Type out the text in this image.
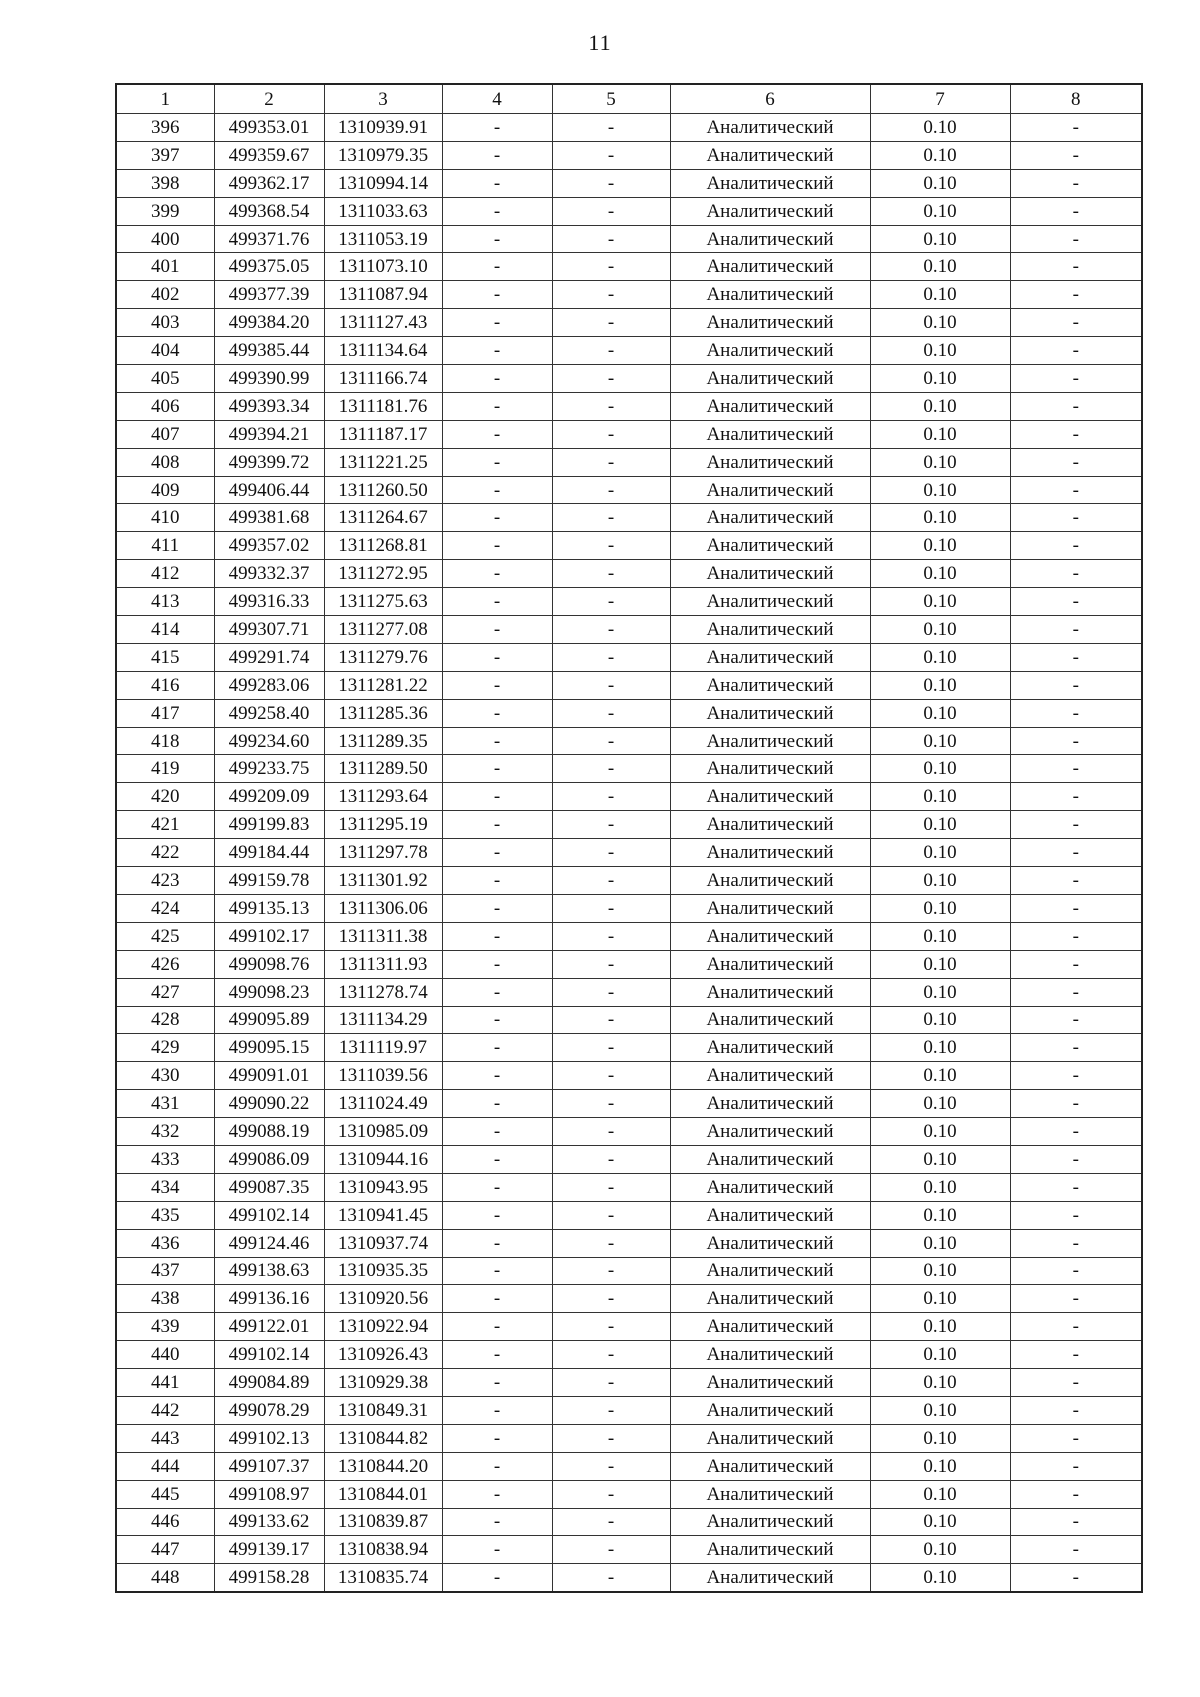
11
1	2	3	4	5	6	7	8
396	499353.01	1310939.91	-	-	Аналитический	0.10	-
397	499359.67	1310979.35	-	-	Аналитический	0.10	-
398	499362.17	1310994.14	-	-	Аналитический	0.10	-
399	499368.54	1311033.63	-	-	Аналитический	0.10	-
400	499371.76	1311053.19	-	-	Аналитический	0.10	-
401	499375.05	1311073.10	-	-	Аналитический	0.10	-
402	499377.39	1311087.94	-	-	Аналитический	0.10	-
403	499384.20	1311127.43	-	-	Аналитический	0.10	-
404	499385.44	1311134.64	-	-	Аналитический	0.10	-
405	499390.99	1311166.74	-	-	Аналитический	0.10	-
406	499393.34	1311181.76	-	-	Аналитический	0.10	-
407	499394.21	1311187.17	-	-	Аналитический	0.10	-
408	499399.72	1311221.25	-	-	Аналитический	0.10	-
409	499406.44	1311260.50	-	-	Аналитический	0.10	-
410	499381.68	1311264.67	-	-	Аналитический	0.10	-
411	499357.02	1311268.81	-	-	Аналитический	0.10	-
412	499332.37	1311272.95	-	-	Аналитический	0.10	-
413	499316.33	1311275.63	-	-	Аналитический	0.10	-
414	499307.71	1311277.08	-	-	Аналитический	0.10	-
415	499291.74	1311279.76	-	-	Аналитический	0.10	-
416	499283.06	1311281.22	-	-	Аналитический	0.10	-
417	499258.40	1311285.36	-	-	Аналитический	0.10	-
418	499234.60	1311289.35	-	-	Аналитический	0.10	-
419	499233.75	1311289.50	-	-	Аналитический	0.10	-
420	499209.09	1311293.64	-	-	Аналитический	0.10	-
421	499199.83	1311295.19	-	-	Аналитический	0.10	-
422	499184.44	1311297.78	-	-	Аналитический	0.10	-
423	499159.78	1311301.92	-	-	Аналитический	0.10	-
424	499135.13	1311306.06	-	-	Аналитический	0.10	-
425	499102.17	1311311.38	-	-	Аналитический	0.10	-
426	499098.76	1311311.93	-	-	Аналитический	0.10	-
427	499098.23	1311278.74	-	-	Аналитический	0.10	-
428	499095.89	1311134.29	-	-	Аналитический	0.10	-
429	499095.15	1311119.97	-	-	Аналитический	0.10	-
430	499091.01	1311039.56	-	-	Аналитический	0.10	-
431	499090.22	1311024.49	-	-	Аналитический	0.10	-
432	499088.19	1310985.09	-	-	Аналитический	0.10	-
433	499086.09	1310944.16	-	-	Аналитический	0.10	-
434	499087.35	1310943.95	-	-	Аналитический	0.10	-
435	499102.14	1310941.45	-	-	Аналитический	0.10	-
436	499124.46	1310937.74	-	-	Аналитический	0.10	-
437	499138.63	1310935.35	-	-	Аналитический	0.10	-
438	499136.16	1310920.56	-	-	Аналитический	0.10	-
439	499122.01	1310922.94	-	-	Аналитический	0.10	-
440	499102.14	1310926.43	-	-	Аналитический	0.10	-
441	499084.89	1310929.38	-	-	Аналитический	0.10	-
442	499078.29	1310849.31	-	-	Аналитический	0.10	-
443	499102.13	1310844.82	-	-	Аналитический	0.10	-
444	499107.37	1310844.20	-	-	Аналитический	0.10	-
445	499108.97	1310844.01	-	-	Аналитический	0.10	-
446	499133.62	1310839.87	-	-	Аналитический	0.10	-
447	499139.17	1310838.94	-	-	Аналитический	0.10	-
448	499158.28	1310835.74	-	-	Аналитический	0.10	-
